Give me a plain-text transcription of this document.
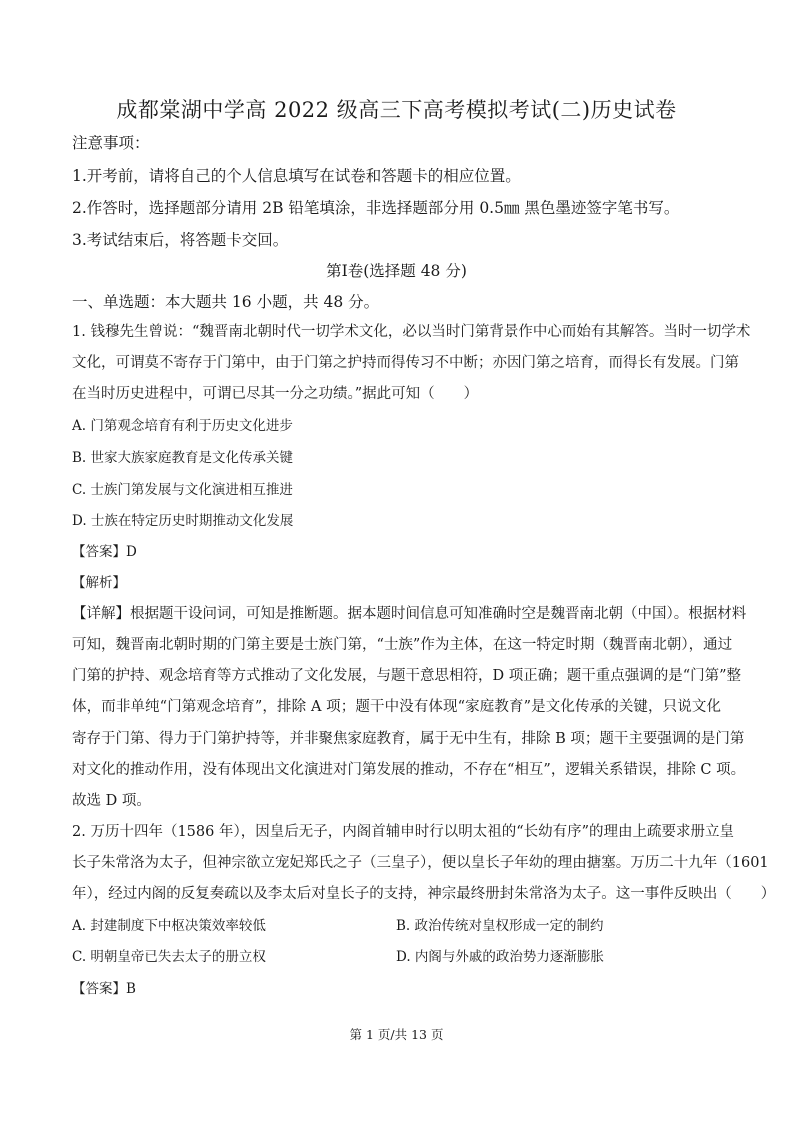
成都棠湖中学高 2022 级高三下高考模拟考试(二)历史试卷
注意事项：
1.开考前，请将自己的个人信息填写在试卷和答题卡的相应位置。
2.作答时，选择题部分请用 2B 铅笔填涂，非选择题部分用 0.5㎜ 黑色墨迹签字笔书写。
3.考试结束后，将答题卡交回。
第Ⅰ卷(选择题 48 分)
一、单选题：本大题共 16 小题，共 48 分。
1. 钱穆先生曾说：“魏晋南北朝时代一切学术文化，必以当时门第背景作中心而始有其解答。当时一切学术
文化，可谓莫不寄存于门第中，由于门第之护持而得传习不中断；亦因门第之培育，而得长有发展。门第
在当时历史进程中，可谓已尽其一分之功绩。”据此可知（　　）
A. 门第观念培育有利于历史文化进步
B. 世家大族家庭教育是文化传承关键
C. 士族门第发展与文化演进相互推进
D. 士族在特定历史时期推动文化发展
【答案】D
【解析】
【详解】根据题干设问词，可知是推断题。据本题时间信息可知准确时空是魏晋南北朝（中国）。根据材料
可知，魏晋南北朝时期的门第主要是士族门第，“士族”作为主体，在这一特定时期（魏晋南北朝），通过
门第的护持、观念培育等方式推动了文化发展，与题干意思相符，D 项正确；题干重点强调的是“门第”整
体，而非单纯“门第观念培育”，排除 A 项；题干中没有体现“家庭教育”是文化传承的关键，只说文化
寄存于门第、得力于门第护持等，并非聚焦家庭教育，属于无中生有，排除 B 项；题干主要强调的是门第
对文化的推动作用，没有体现出文化演进对门第发展的推动，不存在“相互”，逻辑关系错误，排除 C 项。
故选 D 项。
2. 万历十四年（1586 年），因皇后无子，内阁首辅申时行以明太祖的“长幼有序”的理由上疏要求册立皇
长子朱常洛为太子，但神宗欲立宠妃郑氏之子（三皇子），便以皇长子年幼的理由搪塞。万历二十九年（1601
年），经过内阁的反复奏疏以及李太后对皇长子的支持，神宗最终册封朱常洛为太子。这一事件反映出（　　）
A. 封建制度下中枢决策效率较低	B. 政治传统对皇权形成一定的制约
C. 明朝皇帝已失去太子的册立权	D. 内阁与外戚的政治势力逐渐膨胀
【答案】B
第 1 页/共 13 页
